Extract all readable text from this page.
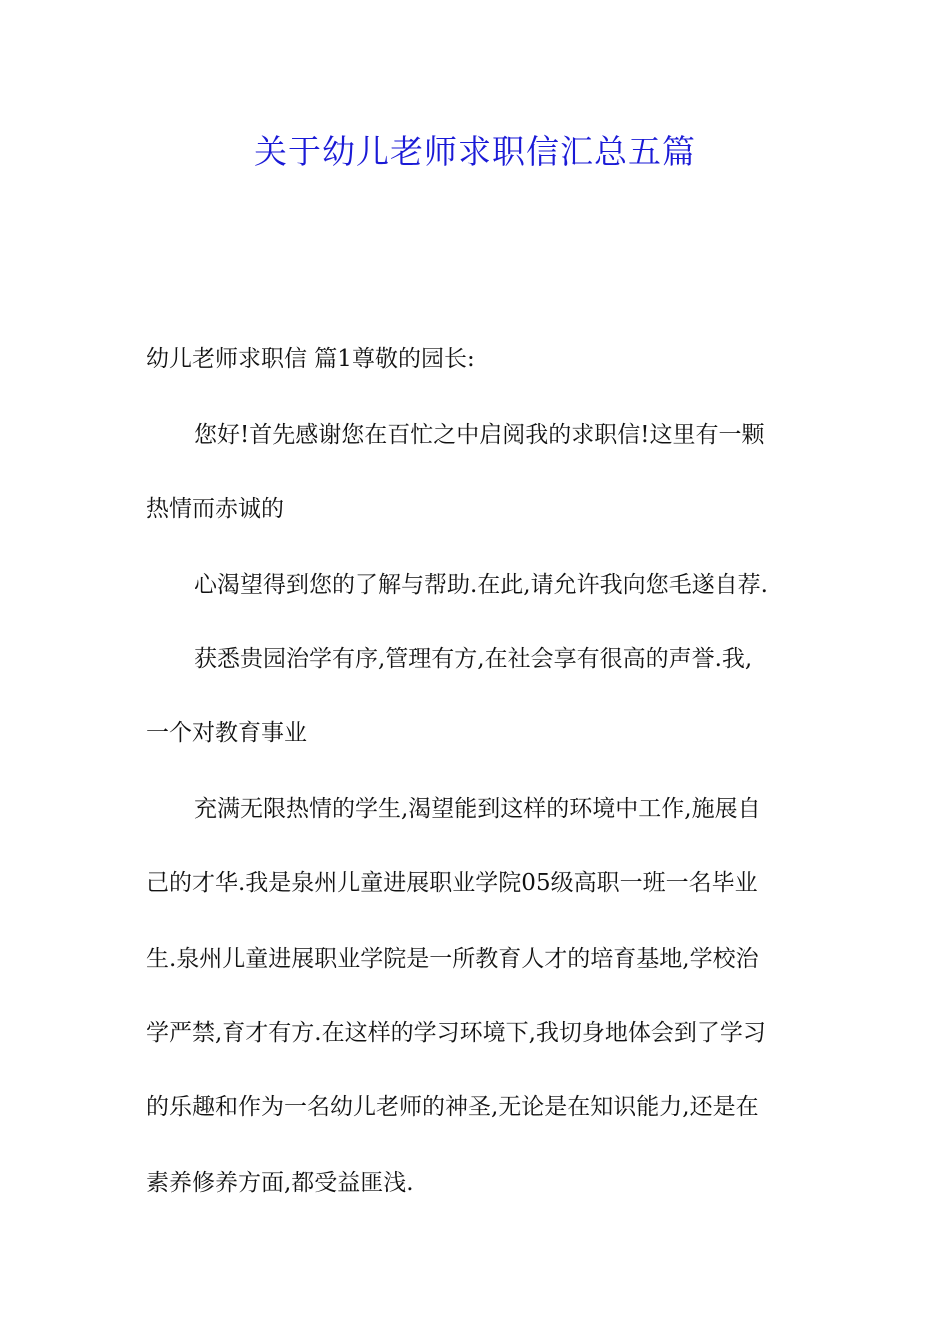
关于幼儿老师求职信汇总五篇
幼儿老师求职信 篇1尊敬的园长:
您好!首先感谢您在百忙之中启阅我的求职信!这里有一颗
热情而赤诚的
心渴望得到您的了解与帮助.在此,请允许我向您毛遂自荐.
获悉贵园治学有序,管理有方,在社会享有很高的声誉.我,
一个对教育事业
充满无限热情的学生,渴望能到这样的环境中工作,施展自
己的才华.我是泉州儿童进展职业学院05级高职一班一名毕业
生.泉州儿童进展职业学院是一所教育人才的培育基地,学校治
学严禁,育才有方.在这样的学习环境下,我切身地体会到了学习
的乐趣和作为一名幼儿老师的神圣,无论是在知识能力,还是在
素养修养方面,都受益匪浅.
